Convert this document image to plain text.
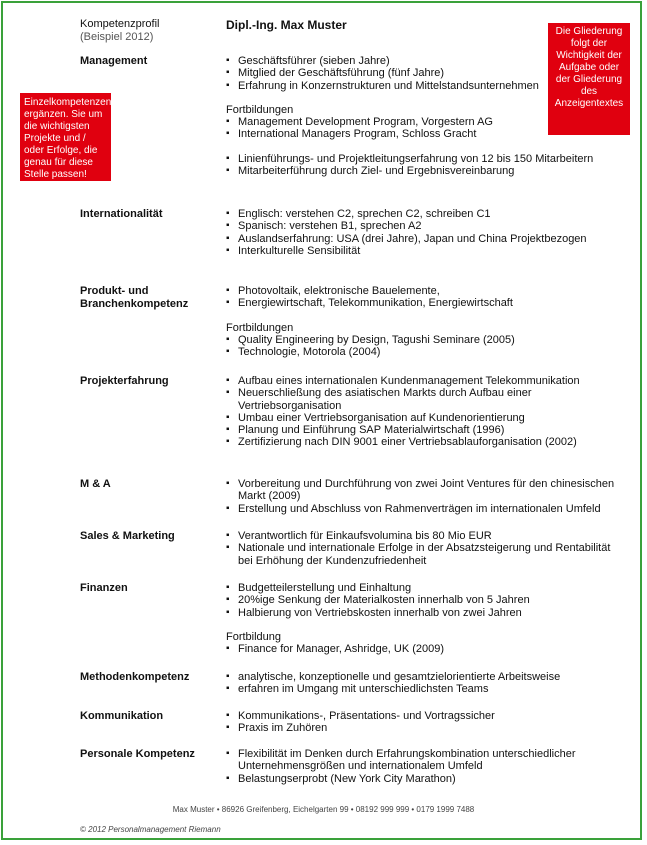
Kompetenzprofil
(Beispiel 2012)
Dipl.-Ing. Max Muster
Management	▪ Geschäftsführer (sieben Jahre)
▪ Mitglied der Geschäftsführung (fünf Jahre)
▪ Erfahrung in Konzernstrukturen und Mittelstandsunternehmen
Fortbildungen
▪ Management Development Program, Vorgestern AG
▪ International Managers Program, Schloss Gracht
▪ Linienführungs- und Projektleitungserfahrung von 12 bis 150 Mitarbeitern
▪ Mitarbeiterführung durch Ziel- und Ergebnisvereinbarung
Internationalität	▪ Englisch: verstehen C2, sprechen C2, schreiben C1
▪ Spanisch: verstehen B1, sprechen A2
▪ Auslandserfahrung: USA (drei Jahre), Japan und China Projektbezogen
▪ Interkulturelle Sensibilität
Produkt- und Branchenkompetenz
▪ Photovoltaik, elektronische Bauelemente,
▪ Energiewirtschaft, Telekommunikation, Energiewirtschaft
Fortbildungen
▪ Quality Engineering by Design, Tagushi Seminare (2005)
▪ Technologie, Motorola (2004)
Projekterfahrung	▪ Aufbau eines internationalen Kundenmanagement Telekommunikation
▪ Neuerschließung des asiatischen Markts durch Aufbau einer Vertriebsorganisation
▪ Umbau einer Vertriebsorganisation auf Kundenorientierung
▪ Planung und Einführung SAP Materialwirtschaft (1996)
▪ Zertifizierung nach DIN 9001 einer Vertriebsablauforganisation (2002)
M & A	▪ Vorbereitung und Durchführung von zwei Joint Ventures für den chinesischen Markt (2009)
▪ Erstellung und Abschluss von Rahmenverträgen im internationalen Umfeld
Sales & Marketing	▪ Verantwortlich für Einkaufsvolumina bis 80 Mio EUR
▪ Nationale und internationale Erfolge in der Absatzsteigerung und Rentabilität bei Erhöhung der Kundenzufriedenheit
Finanzen	▪ Budgetteilerstellung und Einhaltung
▪ 20%ige Senkung der Materialkosten innerhalb von 5 Jahren
▪ Halbierung von Vertriebskosten innerhalb von zwei Jahren
Fortbildung
▪ Finance for Manager, Ashridge, UK (2009)
Methodenkompetenz	▪ analytische, konzeptionelle und gesamtzielorientierte Arbeitsweise
▪ erfahren im Umgang mit unterschiedlichsten Teams
Kommunikation	▪ Kommunikations-, Präsentations- und Vortragssicher
▪ Praxis im Zuhören
Personale Kompetenz	▪ Flexibilität im Denken durch Erfahrungskombination unterschiedlicher Unternehmensgrößen und internationalem Umfeld
▪ Belastungserprobt (New York City Marathon)
Einzelkompetenzen ergänzen. Sie um die wichtigsten Projekte und / oder Erfolge, die genau für diese Stelle passen!
Die Gliederung folgt der Wichtigkeit der Aufgabe oder der Gliederung des Anzeigentextes
Max Muster • 86926 Greifenberg, Eichelgarten 99 • 08192 999 999 • 0179 1999 7488
© 2012 Personalmanagement Riemann
